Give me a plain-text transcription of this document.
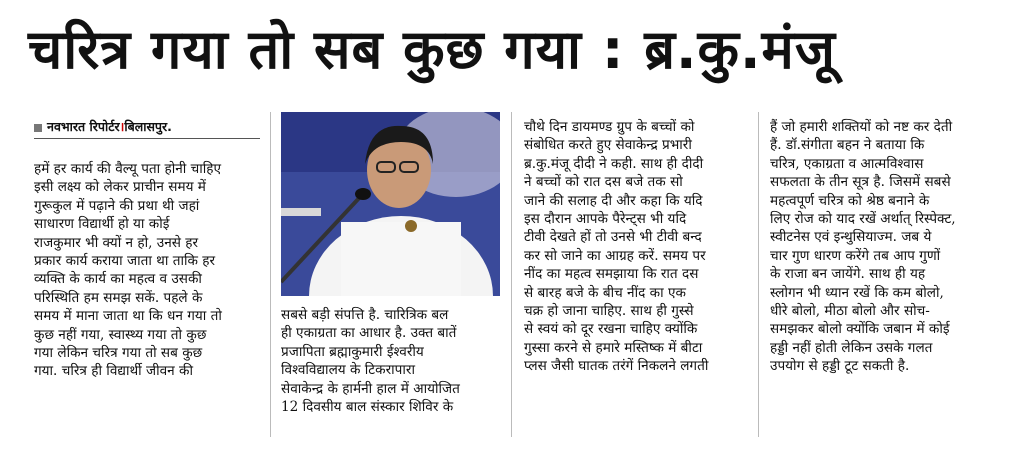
चरित्र गया तो सब कुछ गया : ब्र.कु.मंजू
नवभारत रिपोर्टर।बिलासपुर.
हमें हर कार्य की वैल्यू पता होनी चाहिए
इसी लक्ष्य को लेकर प्राचीन समय में
गुरूकुल में पढ़ाने की प्रथा थी जहां
साधारण विद्यार्थी हो या कोई
राजकुमार भी क्यों न हो, उनसे हर
प्रकार कार्य कराया जाता था ताकि हर
व्यक्ति के कार्य का महत्व व उसकी
परिस्थिति हम समझ सकें. पहले के
समय में माना जाता था कि धन गया तो
कुछ नहीं गया, स्वास्थ्य गया तो कुछ
गया लेकिन चरित्र गया तो सब कुछ
गया. चरित्र ही विद्यार्थी जीवन की
सबसे बड़ी संपत्ति है. चारित्रिक बल
ही एकाग्रता का आधार है. उक्त बातें
प्रजापिता ब्रह्माकुमारी ईश्वरीय
विश्वविद्यालय के टिकरापारा
सेवाकेन्द्र के हार्मनी हाल में आयोजित
12 दिवसीय बाल संस्कार शिविर के
चौथे दिन डायमण्ड ग्रुप के बच्चों को
संबोधित करते हुए सेवाकेन्द्र प्रभारी
ब्र.कु.मंजू दीदी ने कही. साथ ही दीदी
ने बच्चों को रात दस बजे तक सो
जाने की सलाह दी और कहा कि यदि
इस दौरान आपके पैरेन्ट्स भी यदि
टीवी देखते हों तो उनसे भी टीवी बन्द
कर सो जाने का आग्रह करें. समय पर
नींद का महत्व समझाया कि रात दस
से बारह बजे के बीच नींद का एक
चक्र हो जाना चाहिए. साथ ही गुस्से
से स्वयं को दूर रखना चाहिए क्योंकि
गुस्सा करने से हमारे मस्तिष्क में बीटा
प्लस जैसी घातक तरंगें निकलने लगती
हैं जो हमारी शक्तियों को नष्ट कर देती
हैं. डॉ.संगीता बहन ने बताया कि
चरित्र, एकाग्रता व आत्मविश्वास
सफलता के तीन सूत्र है. जिसमें सबसे
महत्वपूर्ण चरित्र को श्रेष्ठ बनाने के
लिए रोज को याद रखें अर्थात् रिस्पेक्ट,
स्वीटनेस एवं इन्थुसियाज्म. जब ये
चार गुण धारण करेंगे तब आप गुणों
के राजा बन जायेंगे. साथ ही यह
स्लोगन भी ध्यान रखें कि कम बोलो,
धीरे बोलो, मीठा बोलो और सोच-
समझकर बोलो क्योंकि जबान में कोई
हड्डी नहीं होती लेकिन उसके गलत
उपयोग से हड्डी टूट सकती है.
